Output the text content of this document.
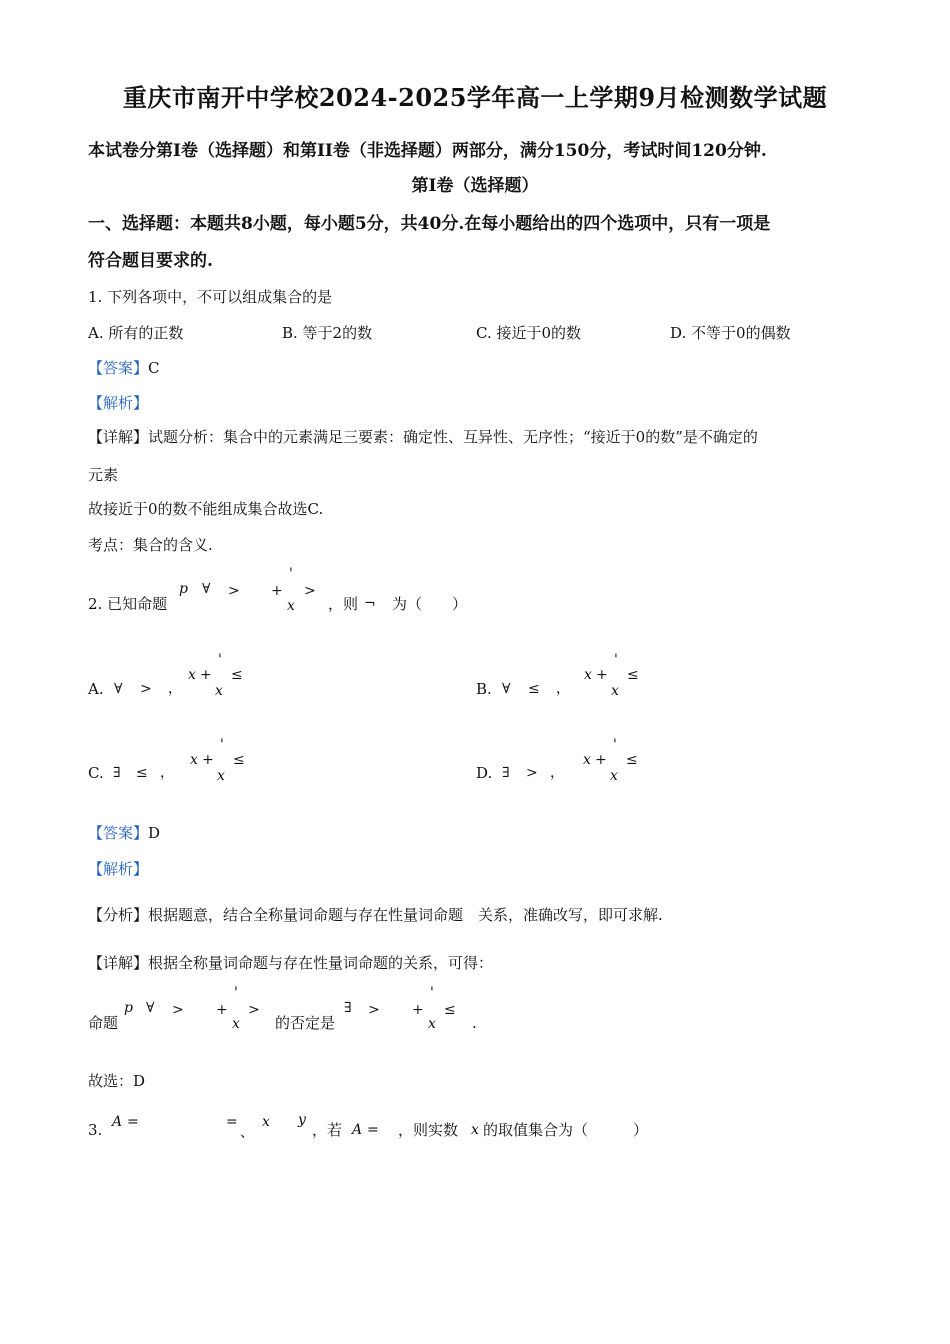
重庆市南开中学校2024-2025学年高一上学期9月检测数学试题
本试卷分第I卷（选择题）和第II卷（非选择题）两部分，满分150分，考试时间120分钟.
第I卷（选择题）
一、选择题：本题共8小题，每小题5分，共40分.在每小题给出的四个选项中，只有一项是
符合题目要求的.
1. 下列各项中，不可以组成集合的是
A. 所有的正数	B. 等于2的数	C. 接近于0的数	D. 不等于0的偶数
【答案】C
【解析】
【详解】试题分析：集合中的元素满足三要素：确定性、互异性、无序性；“接近于0的数”是不确定的
元素
故接近于0的数不能组成集合故选C.
考点：集合的含义.
2. 已知命题
p ∀ > +
'
x
>
，则 ¬ 为（　　）
A. ∀ > ，
x +
'
x
≤
B. ∀ ≤ ，
x +
'
x
≤
C. ∃ ≤ ，
x +
'
x
≤
D. ∃ > ，
x +
'
x
≤
【答案】D
【解析】
【分析】根据题意，结合全称量词命题与存在性量词命题　关系，准确改写，即可求解.
【详解】根据全称量词命题与存在性量词命题的关系，可得：
命题
p ∀ > +
'
x
>
的否定是
∃ > +
'
x
≤
.
故选：D
3. A =	=
、
x y
，若 A = ，则实数 x 的取值集合为（　　　）
